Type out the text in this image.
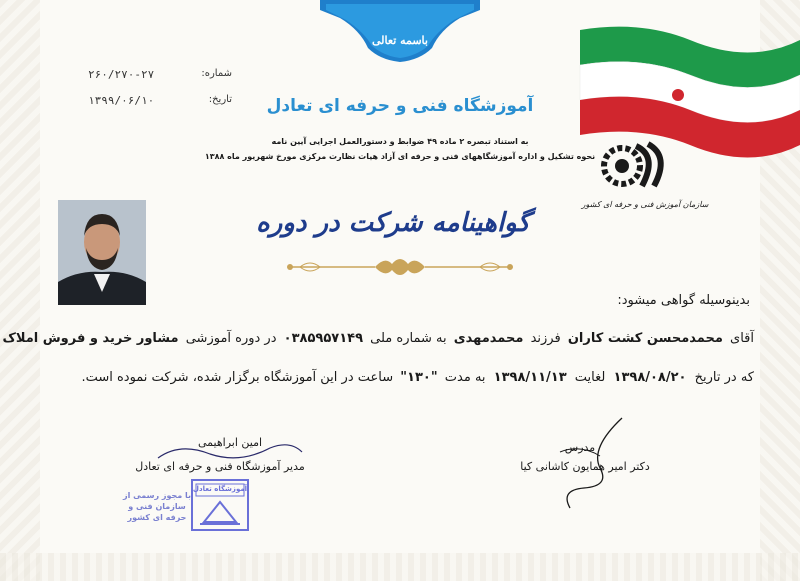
باسمه تعالی
شماره:
۲۶۰/۲۷۰-۲۷
تاریخ:
۱۳۹۹/۰۶/۱۰	آموزشگاه فنی و حرفه ای تعادل
به استناد تبصره ۲ ماده ۴۹ ضوابط و دستورالعمل اجرایی آیین نامه
نحوه تشکیل و اداره آموزشگاههای فنی و حرفه ای آزاد هیات نظارت مرکزی مورخ شهریور ماه ۱۳۸۸
سازمان آموزش فنی و حرفه ای کشور
گواهینامه شرکت در دوره
بدینوسیله گواهی میشود:
آقای محمدمحسن کشت کاران فرزند محمدمهدی به شماره ملی ۰۳۸۵۹۵۷۱۴۹ در دوره آموزشی مشاور خرید و فروش املاک
که در تاریخ ۱۳۹۸/۰۸/۲۰ لغایت ۱۳۹۸/۱۱/۱۳ به مدت "۱۳۰" ساعت در این آموزشگاه برگزار شده، شرکت نموده است.
امین ابراهیمی
مدیر آموزشگاه فنی و حرفه ای تعادل
مدرس
دکتر امیر همایون کاشانی کیا
با مجوز رسمی از سازمان فنی و حرفه ای کشور
آموزشگاه تعادل
